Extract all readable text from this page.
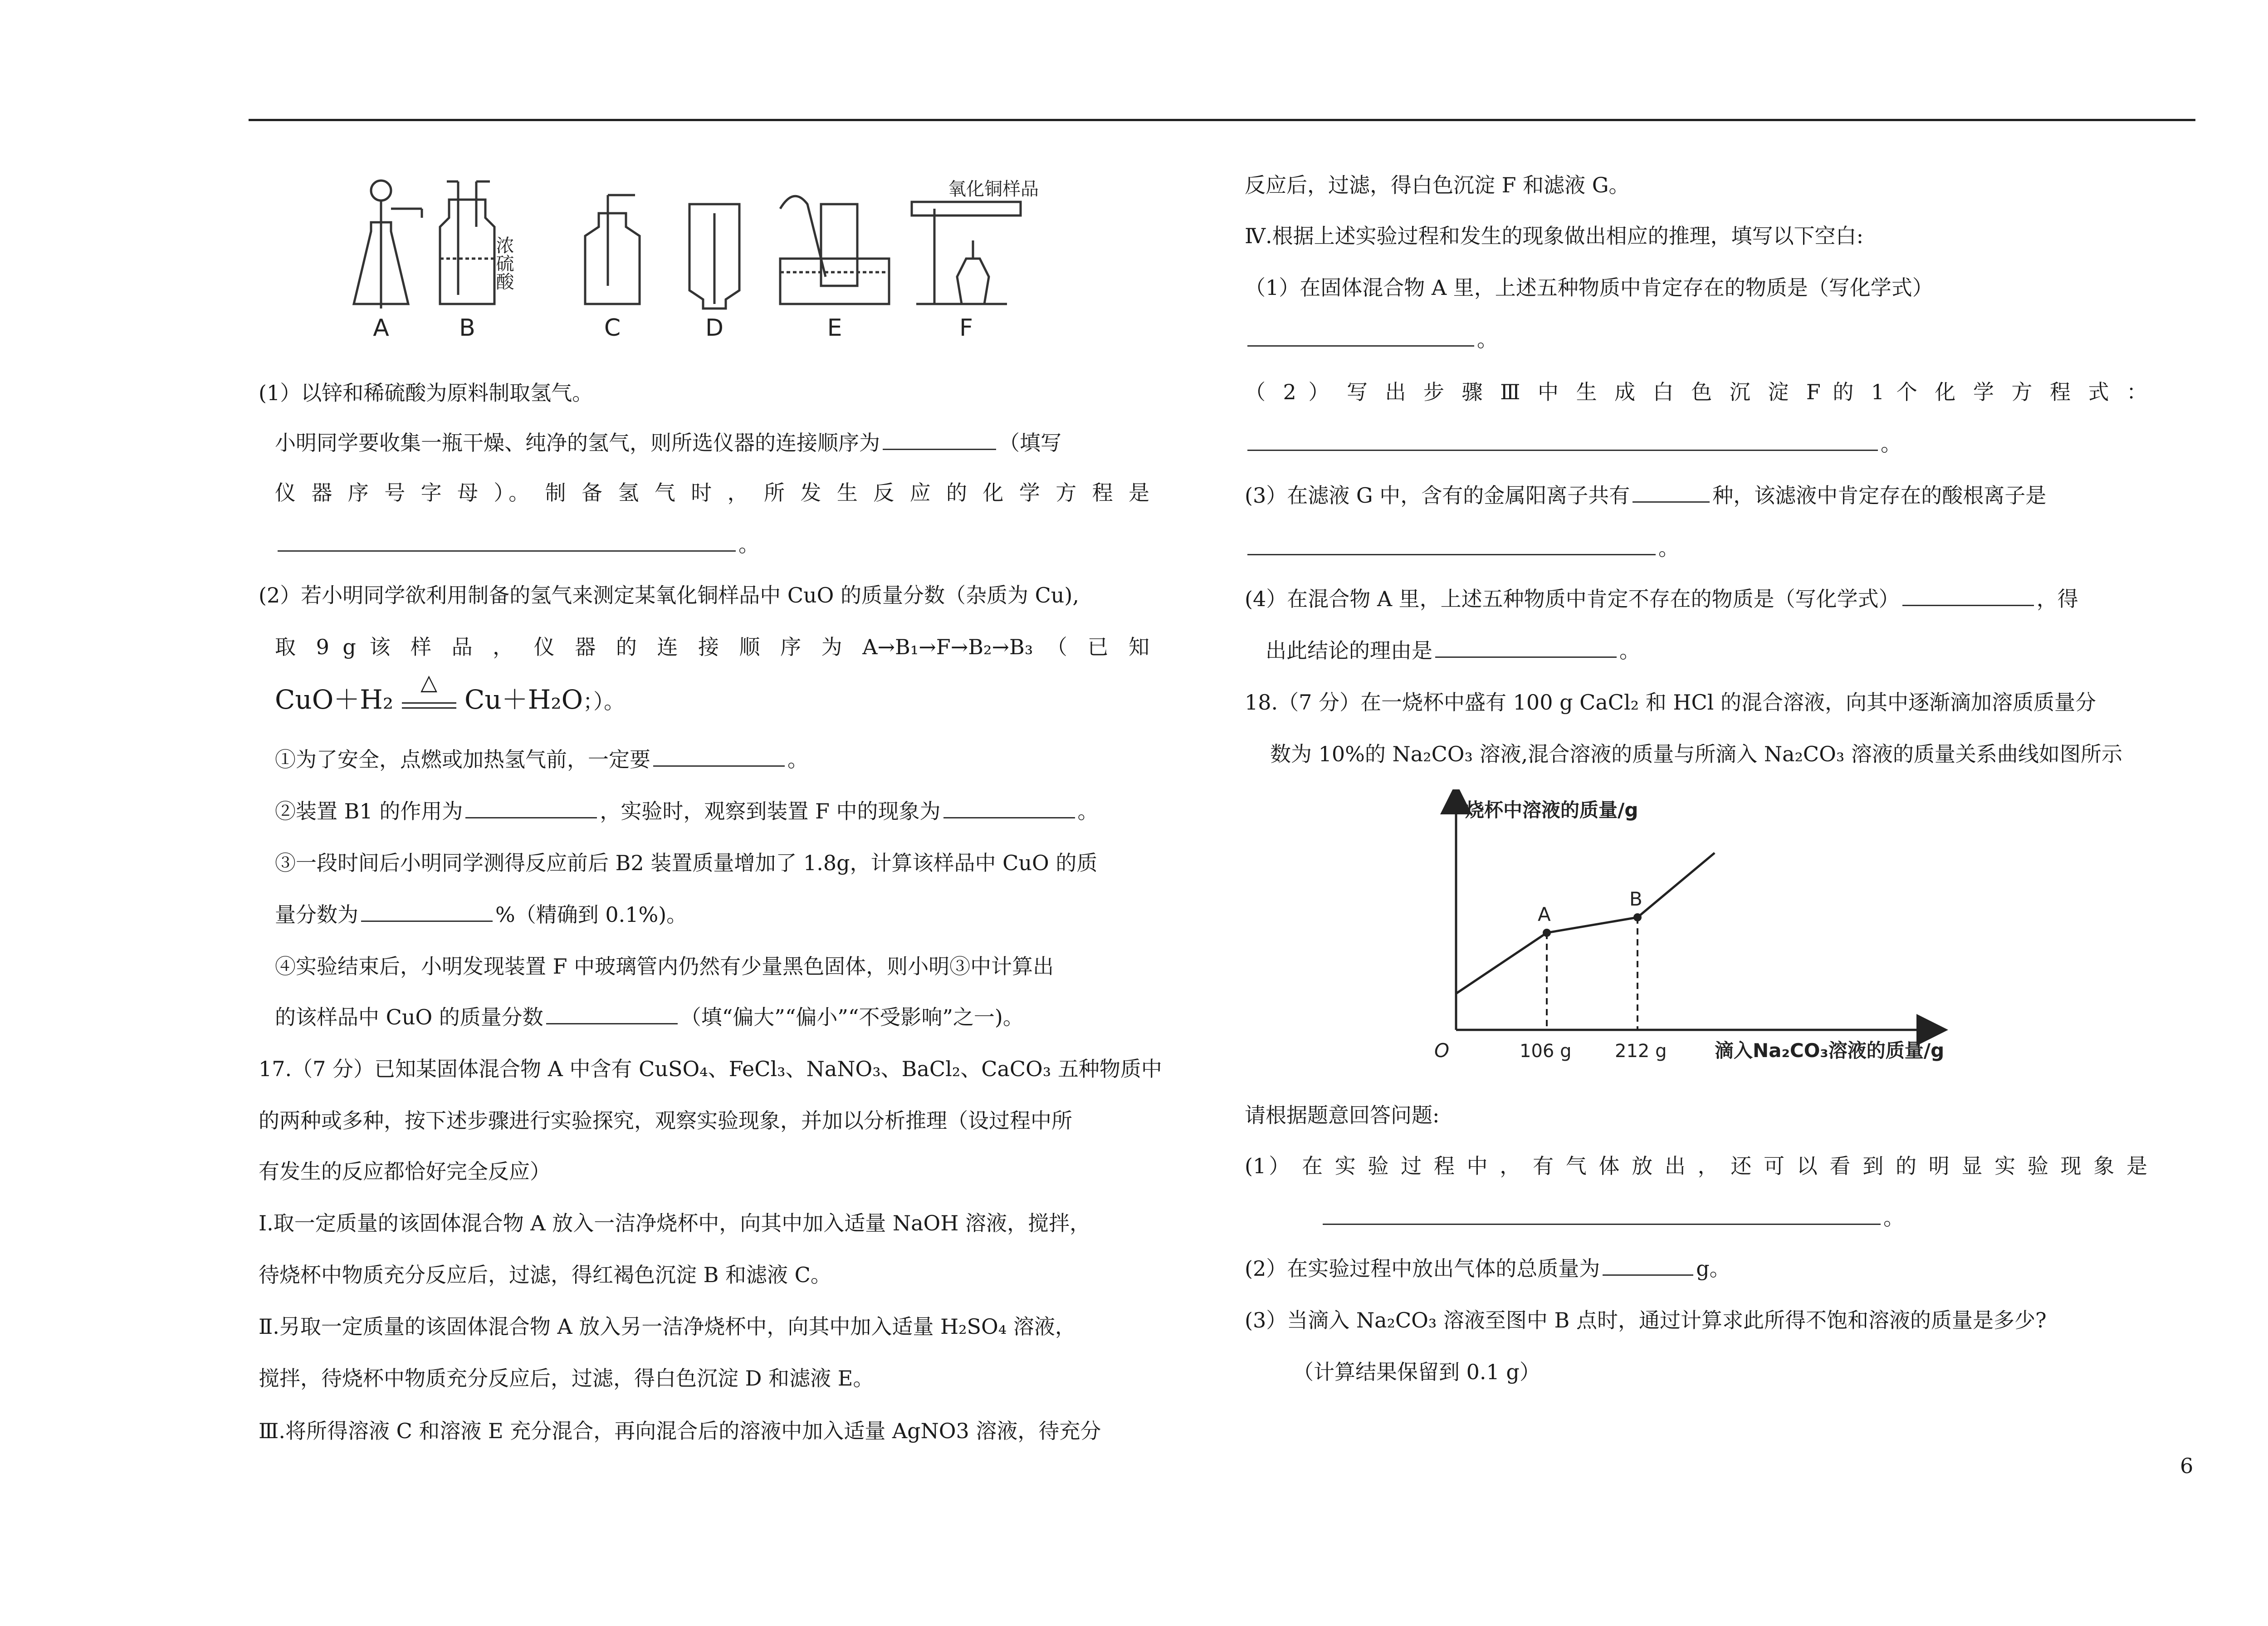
A	B	C	D	E	F
浓硫酸
氧化铜样品
(1）以锌和稀硫酸为原料制取氢气。
小明同学要收集一瓶干燥、纯净的氢气，则所选仪器的连接顺序为	（填写
仪 器 序 号 字 母 ）。 制 备 氢 气 时 ， 所 发 生 反 应 的 化 学 方 程 是
。
(2）若小明同学欲利用制备的氢气来测定某氧化铜样品中 CuO 的质量分数（杂质为 Cu),
取 9 g 该 样 品 ， 仪 器 的 连 接 顺 序 为 A→B₁→F→B₂→B₃ （ 已 知
CuO＋H₂
△
Cu＋H₂O；）。
①为了安全，点燃或加热氢气前，一定要	。
②装置 B1 的作用为	，实验时，观察到装置 F 中的现象为	。
③一段时间后小明同学测得反应前后 B2 装置质量增加了 1.8g，计算该样品中 CuO 的质
量分数为	%（精确到 0.1%)。
④实验结束后，小明发现装置 F 中玻璃管内仍然有少量黑色固体，则小明③中计算出
的该样品中 CuO 的质量分数	（填“偏大”“偏小”“不受影响”之一)。
17.（7 分）已知某固体混合物 A 中含有 CuSO₄、FeCl₃、NaNO₃、BaCl₂、CaCO₃ 五种物质中
的两种或多种，按下述步骤进行实验探究，观察实验现象，并加以分析推理（设过程中所
有发生的反应都恰好完全反应）
Ⅰ.取一定质量的该固体混合物 A 放入一洁净烧杯中，向其中加入适量 NaOH 溶液，搅拌，
待烧杯中物质充分反应后，过滤，得红褐色沉淀 B 和滤液 C。
Ⅱ.另取一定质量的该固体混合物 A 放入另一洁净烧杯中，向其中加入适量 H₂SO₄ 溶液，
搅拌，待烧杯中物质充分反应后，过滤，得白色沉淀 D 和滤液 E。
Ⅲ.将所得溶液 C 和溶液 E 充分混合，再向混合后的溶液中加入适量 AgNO3 溶液，待充分
反应后，过滤，得白色沉淀 F 和滤液 G。
Ⅳ.根据上述实验过程和发生的现象做出相应的推理，填写以下空白:
（1）在固体混合物 A 里，上述五种物质中肯定存在的物质是（写化学式）
。
（ 2 ） 写 出 步 骤 Ⅲ 中 生 成 白 色 沉 淀 F 的 1 个 化 学 方 程 式 ：
。
(3）在滤液 G 中，含有的金属阳离子共有	种，该滤液中肯定存在的酸根离子是
。
(4）在混合物 A 里，上述五种物质中肯定不存在的物质是（写化学式）	，得
出此结论的理由是	。
18.（7 分）在一烧杯中盛有 100 g CaCl₂ 和 HCl 的混合溶液，向其中逐渐滴加溶质质量分
数为 10%的 Na₂CO₃ 溶液,混合溶液的质量与所滴入 Na₂CO₃ 溶液的质量关系曲线如图所示
A
B
烧杯中溶液的质量/g
滴入Na₂CO₃溶液的质量/g
O	106 g 212 g
请根据题意回答问题:
(1） 在 实 验 过 程 中 ， 有 气 体 放 出 ， 还 可 以 看 到 的 明 显 实 验 现 象 是
。
(2）在实验过程中放出气体的总质量为	g。
(3）当滴入 Na₂CO₃ 溶液至图中 B 点时，通过计算求此所得不饱和溶液的质量是多少?
（计算结果保留到 0.1 g）
6
